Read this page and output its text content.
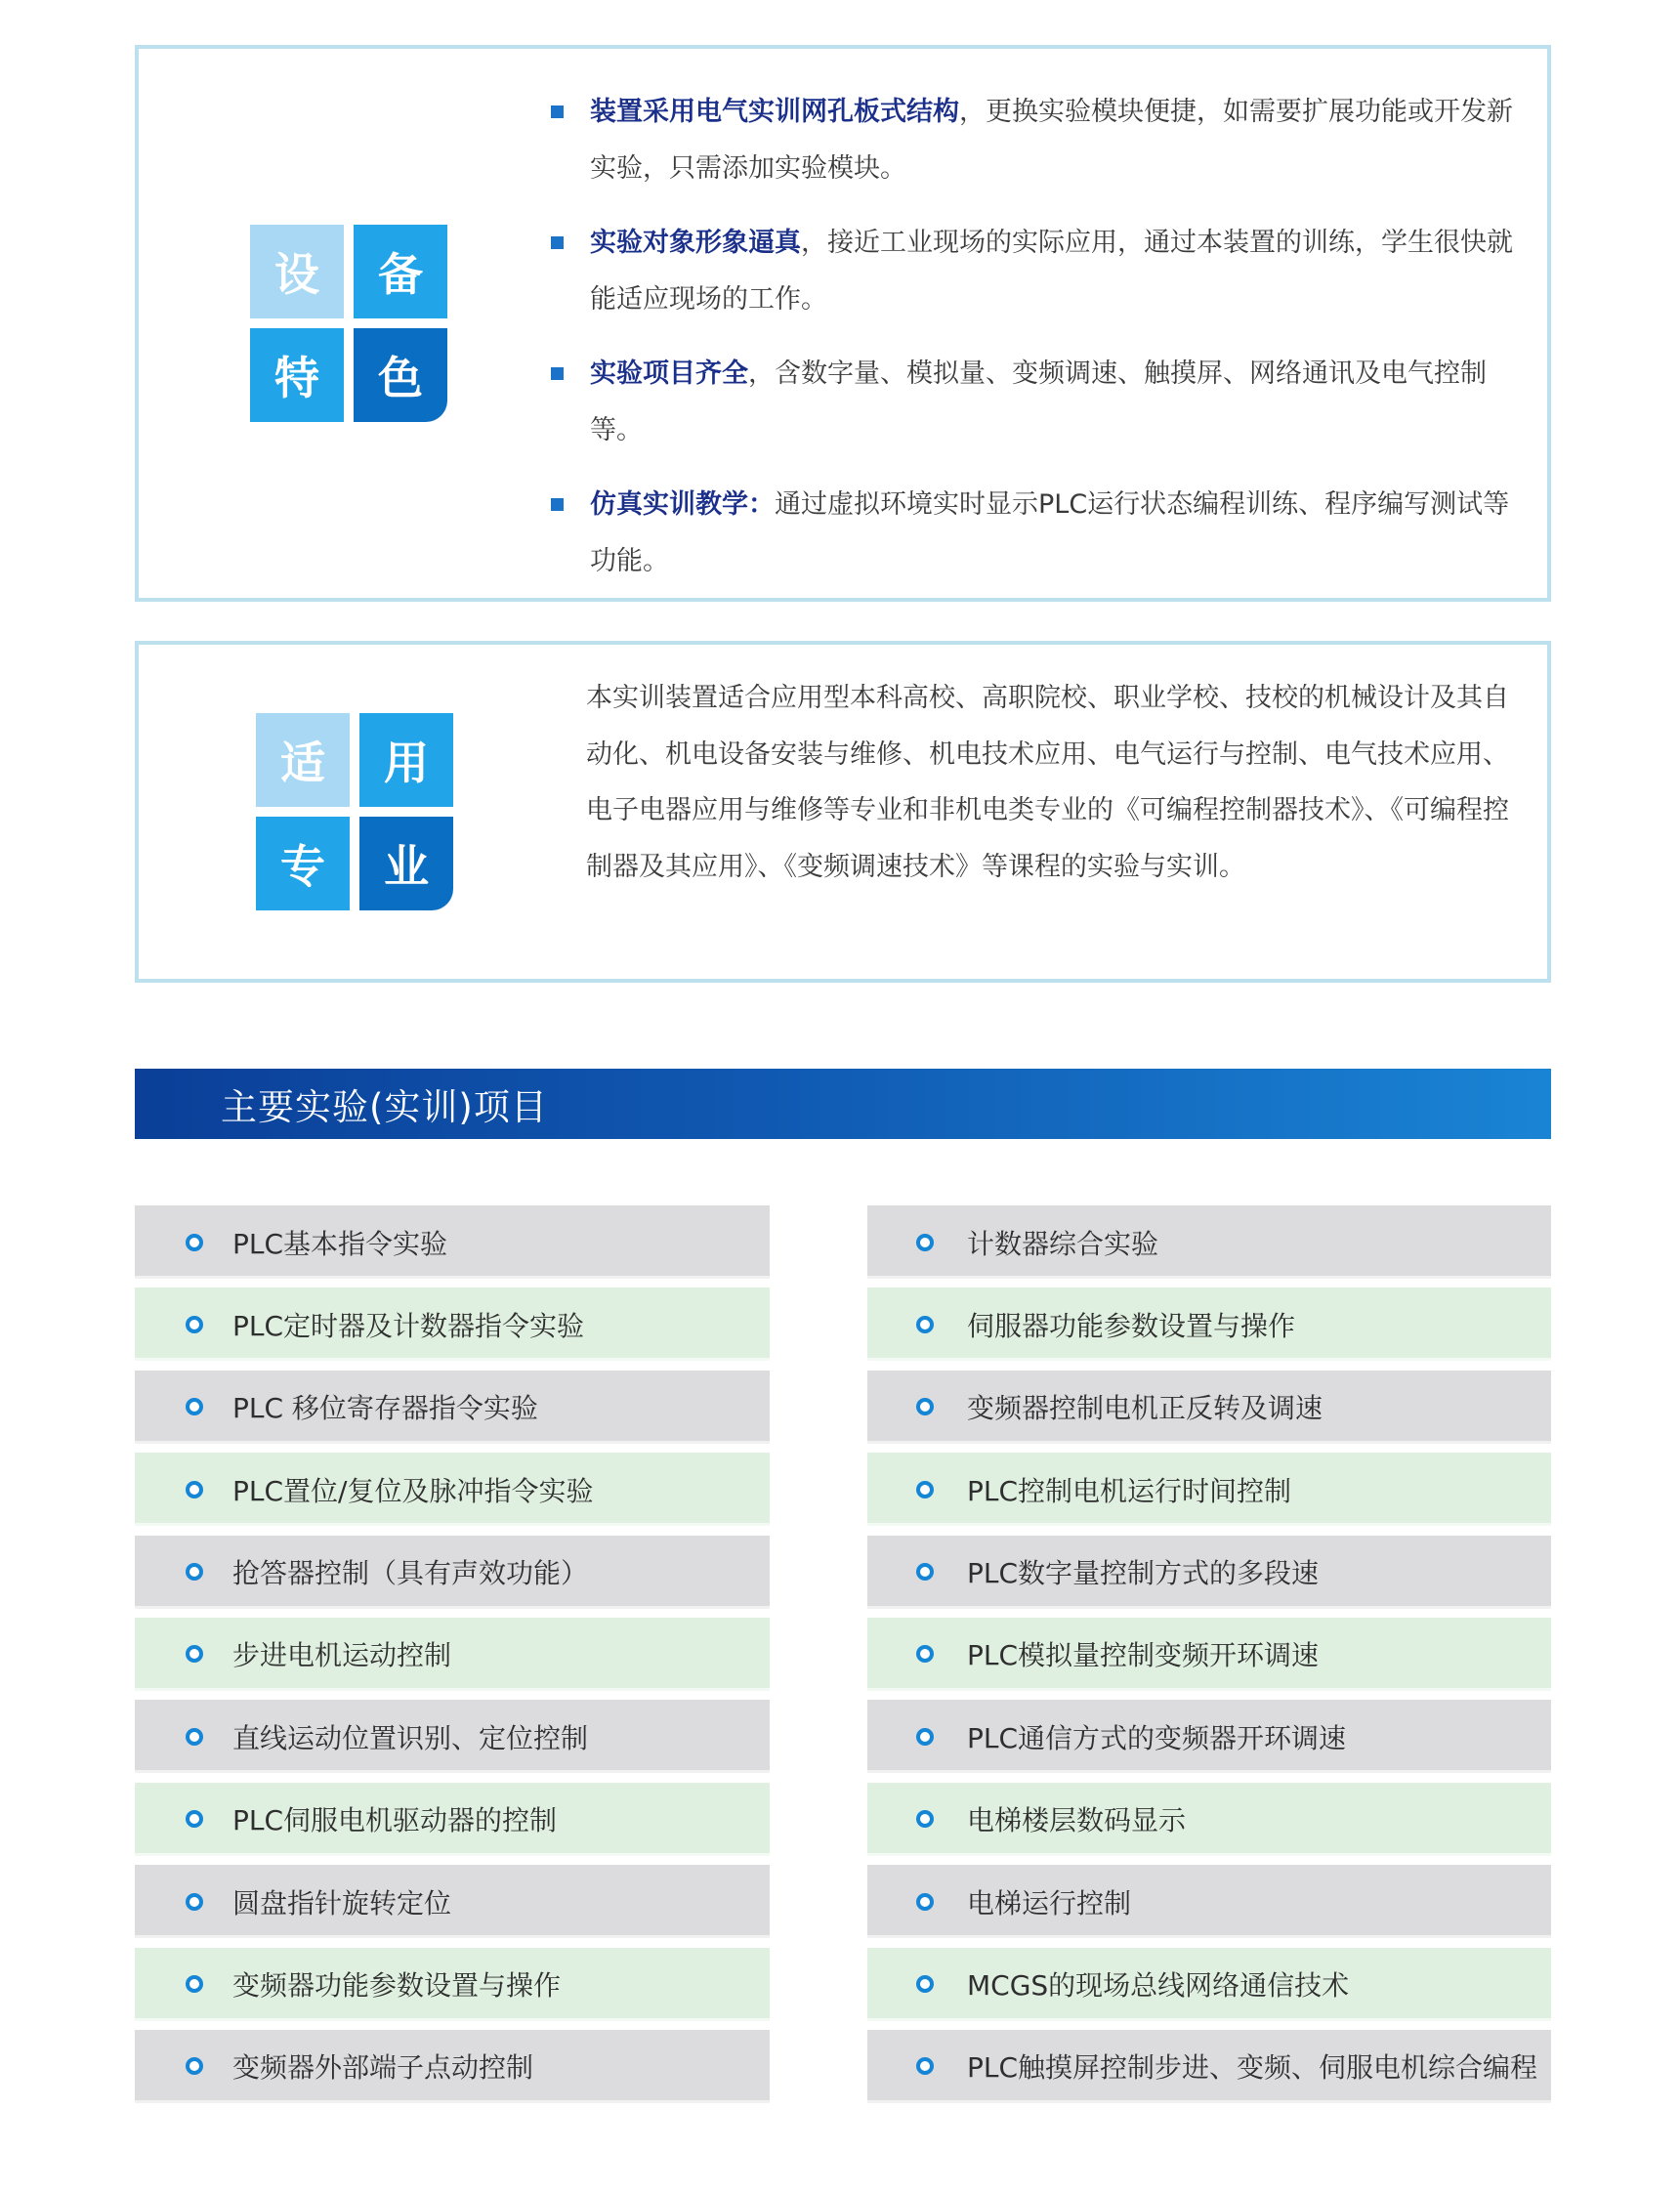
设	备
特	色
装置采用电气实训网孔板式结构，更换实验模块便捷，如需要扩展功能或开发新实验，只需添加实验模块。
实验对象形象逼真，接近工业现场的实际应用，通过本装置的训练，学生很快就能适应现场的工作。
实验项目齐全，含数字量、模拟量、变频调速、触摸屏、网络通讯及电气控制等。
仿真实训教学：通过虚拟环境实时显示PLC运行状态编程训练、程序编写测试等功能。
适	用
专	业

本实训装置适合应用型本科高校、高职院校、职业学校、技校的机械设计及其自动化、机电设备安装与维修、机电技术应用、电气运行与控制、电气技术应用、电子电器应用与维修等专业和非机电类专业的《可编程控制器技术》、《可编程控制器及其应用》、《变频调速技术》等课程的实验与实训。

主要实验(实训)项目
PLC基本指令实验
PLC定时器及计数器指令实验
PLC 移位寄存器指令实验
PLC置位/复位及脉冲指令实验
抢答器控制（具有声效功能）
步进电机运动控制
直线运动位置识别、定位控制
PLC伺服电机驱动器的控制
圆盘指针旋转定位
变频器功能参数设置与操作
变频器外部端子点动控制
计数器综合实验
伺服器功能参数设置与操作
变频器控制电机正反转及调速
PLC控制电机运行时间控制
PLC数字量控制方式的多段速
PLC模拟量控制变频开环调速
PLC通信方式的变频器开环调速
电梯楼层数码显示
电梯运行控制
MCGS的现场总线网络通信技术
PLC触摸屏控制步进、变频、伺服电机综合编程
